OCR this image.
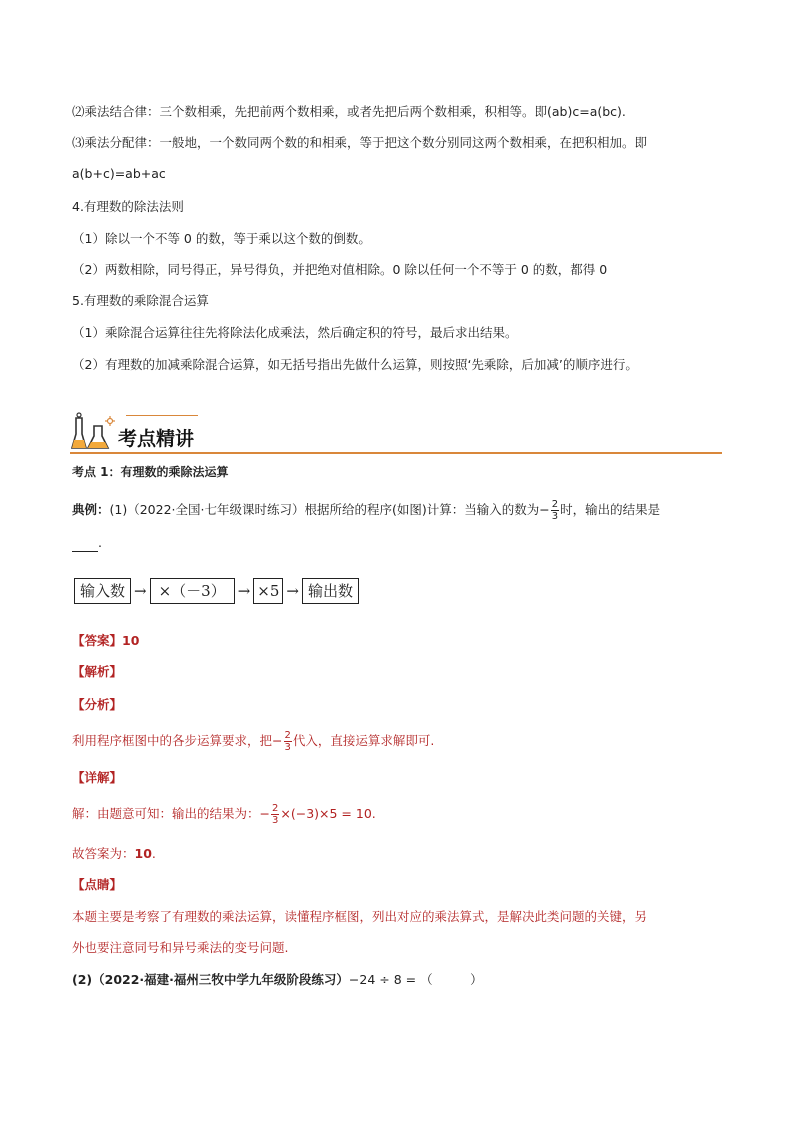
⑵乘法结合律：三个数相乘，先把前两个数相乘，或者先把后两个数相乘，积相等。即(ab)c=a(bc).
⑶乘法分配律：一般地，一个数同两个数的和相乘，等于把这个数分别同这两个数相乘，在把积相加。即
a(b+c)=ab+ac
4.有理数的除法法则
（1）除以一个不等 0 的数，等于乘以这个数的倒数。
（2）两数相除，同号得正，异号得负，并把绝对值相除。0 除以任何一个不等于 0 的数，都得 0
5.有理数的乘除混合运算
（1）乘除混合运算往往先将除法化成乘法，然后确定积的符号，最后求出结果。
（2）有理数的加减乘除混合运算，如无括号指出先做什么运算，则按照‘先乘除，后加减’的顺序进行。
考点精讲
考点 1：有理数的乘除法运算
典例：(1)（2022·全国·七年级课时练习）根据所给的程序(如图)计算：当输入的数为− $\frac{2}{3}$ 时，输出的结果是
.
输入数 → ×（－3） → ×5 → 输出数
【答案】10
【解析】
【分析】
利用程序框图中的各步运算要求，把− $\frac{2}{3}$ 代入，直接运算求解即可.
【详解】
解：由题意可知：输出的结果为：− $\frac{2}{3} \times(-3)\times 5 = 10$.
故答案为：10.
【点睛】
本题主要是考察了有理数的乘法运算，读懂程序框图，列出对应的乘法算式，是解决此类问题的关键，另
外也要注意同号和异号乘法的变号问题.
(2)（2022·福建·福州三牧中学九年级阶段练习）−24 ÷ 8 = （　　　）
